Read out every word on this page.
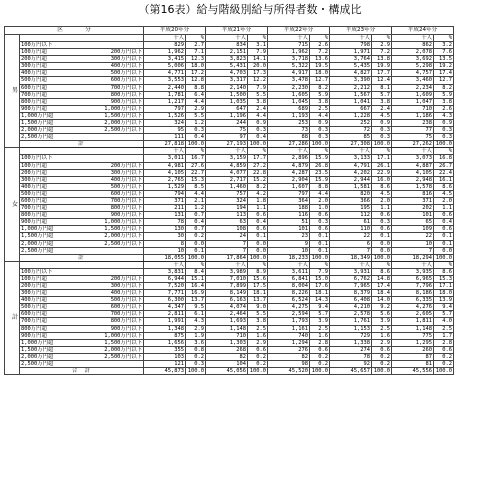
（第16表）給与階級別給与所得者数・構成比
区　　　　分			平成20年分		平成21年分		平成22年分		平成23年分		平成24年分	
男			千人	%	千人	%	千人	%	千人	%	千人	%
	100万円以下		829	2.7	834	3.1	715	2.6	798	2.9	862	3.2
	100万円超	200万円以下	1,962	7.1	2,151	7.9	1,962	7.2	1,971	7.2	2,078	7.6
	200万円超	300万円以下	3,415	12.3	3,823	14.1	3,718	13.6	3,764	13.8	3,692	13.5
	300万円超	400万円以下	5,006	18.0	5,431	20.0	5,322	19.5	5,435	19.9	5,298	19.2
	400万円超	500万円以下	4,771	17.2	4,703	17.3	4,917	18.0	4,827	17.7	4,757	17.4
	500万円超	600万円以下	3,553	12.8	3,317	12.2	3,478	12.7	3,390	12.4	3,460	12.7
	600万円超	700万円以下	2,440	8.8	2,140	7.9	2,230	8.2	2,212	8.1	2,234	8.2
	700万円超	800万円以下	1,781	6.4	1,500	5.5	1,605	5.9	1,567	5.7	1,609	5.9
	800万円超	900万円以下	1,217	4.4	1,035	3.8	1,045	3.8	1,041	3.8	1,047	3.8
	900万円超	1,000万円以下	797	2.9	647	2.4	689	2.5	667	2.4	710	2.6
	1,000万円超	1,500万円以下	1,526	5.5	1,196	4.4	1,193	4.4	1,228	4.5	1,186	4.3
	1,500万円超	2,000万円以下	324	1.2	244	0.9	253	0.9	252	0.9	238	0.9
	2,000万円超	2,500万円以下	95	0.3	75	0.3	73	0.3	72	0.3	77	0.3
	2,500万円超		111	0.4	97	0.4	88	0.3	85	0.3	75	0.3
	計		27,818	100.0	27,193	100.0	27,286	100.0	27,308	100.0	27,262	100.0
女			千人	%	千人	%	千人	%	千人	%	千人	%
	100万円以下		3,011	16.7	3,159	17.7	2,896	15.9	3,133	17.1	3,073	16.8
	100万円超	200万円以下	4,981	27.6	4,859	27.2	4,879	26.8	4,791	26.1	4,887	26.7
	200万円超	300万円以下	4,105	22.7	4,077	22.8	4,287	23.5	4,202	22.9	4,105	22.4
	300万円超	400万円以下	2,765	15.3	2,717	15.2	2,904	15.9	2,944	16.0	2,948	16.1
	400万円超	500万円以下	1,529	8.5	1,460	8.2	1,607	8.8	1,581	8.6	1,578	8.6
	500万円超	600万円以下	794	4.4	757	4.2	797	4.4	820	4.5	816	4.5
	600万円超	700万円以下	371	2.1	324	1.8	364	2.0	366	2.0	371	2.0
	700万円超	800万円以下	211	1.2	194	1.1	188	1.0	195	1.1	202	1.1
	800万円超	900万円以下	131	0.7	113	0.6	116	0.6	112	0.6	101	0.6
	900万円超	1,000万円以下	78	0.4	63	0.4	51	0.3	61	0.3	65	0.4
	1,000万円超	1,500万円以下	130	0.7	108	0.6	101	0.6	110	0.6	109	0.6
	1,500万円超	2,000万円以下	30	0.2	24	0.1	23	0.1	22	0.1	22	0.1
	2,000万円超	2,500万円以下	8	0.0	7	0.0	9	0.1	6	0.0	10	0.1
	2,500万円超		10	0.1	7	0.0	10	0.1	7	0.0	7	0.0
	計		18,055	100.0	17,864	100.0	18,233	100.0	18,349	100.0	18,294	100.0
計			千人	%	千人	%	千人	%	千人	%	千人	%
	100万円以下		3,831	8.4	3,989	8.9	3,611	7.9	3,931	8.6	3,935	8.6
	100万円超	200万円以下	6,944	15.1	7,010	15.6	6,841	15.0	6,762	14.8	6,965	15.3
	200万円超	300万円以下	7,520	16.4	7,899	17.5	8,004	17.6	7,965	17.4	7,796	17.1
	300万円超	400万円以下	7,771	16.9	8,149	18.1	8,226	18.1	8,379	18.4	8,186	18.0
	400万円超	500万円以下	6,300	13.7	6,163	13.7	6,524	14.3	6,408	14.0	6,335	13.9
	500万円超	600万円以下	4,347	9.5	4,074	9.0	4,275	9.4	4,210	9.2	4,276	9.4
	600万円超	700万円以下	2,811	6.1	2,464	5.5	2,594	5.7	2,578	5.6	2,605	5.7
	700万円超	800万円以下	1,991	4.3	1,693	3.8	1,793	3.9	1,761	3.9	1,811	4.0
	800万円超	900万円以下	1,348	2.9	1,148	2.5	1,161	2.5	1,153	2.5	1,148	2.5
	900万円超	1,000万円以下	875	1.9	710	1.6	740	1.6	729	1.6	775	1.7
	1,000万円超	1,500万円以下	1,656	3.6	1,303	2.9	1,294	2.8	1,338	2.9	1,295	2.8
	1,500万円超	2,000万円以下	355	0.8	268	0.6	276	0.6	274	0.6	260	0.6
	2,000万円超	2,500万円以下	103	0.2	82	0.2	82	0.2	78	0.2	87	0.2
	2,500万円超		121	0.3	104	0.2	98	0.2	92	0.2	81	0.2
	合　計		45,873	100.0	45,056	100.0	45,520	100.0	45,657	100.0	45,556	100.0
